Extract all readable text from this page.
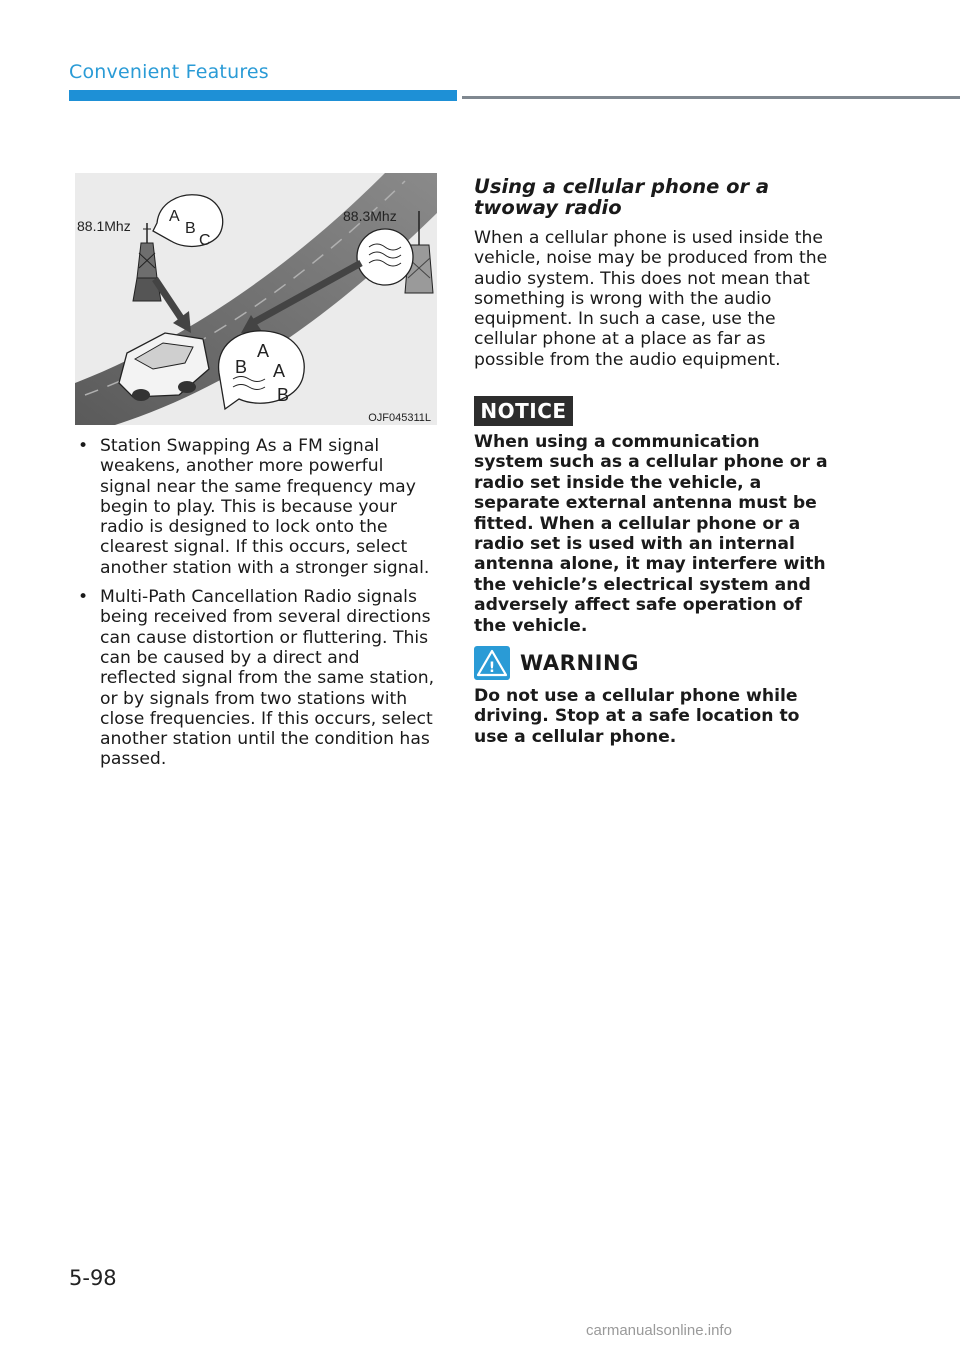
Convenient Features
88.1Mhz
88.3Mhz
A
B
C
A
B A
B
OJF045311L

• Station Swapping As a FM signal weakens, another more powerful signal near the same frequency may begin to play. This is because your radio is designed to lock onto the clearest signal. If this occurs, select another station with a stronger signal.

• Multi-Path Cancellation Radio signals being received from several directions can cause distortion or fluttering. This can be caused by a direct and reflected signal from the same station, or by signals from two stations with close frequencies. If this occurs, select another station until the condition has passed.

Using a cellular phone or a twoway radio

When a cellular phone is used inside the vehicle, noise may be produced from the audio system. This does not mean that something is wrong with the audio equipment. In such a case, use the cellular phone at a place as far as possible from the audio equipment.

NOTICE

When using a communication system such as a cellular phone or a radio set inside the vehicle, a separate external antenna must be fitted. When a cellular phone or a radio set is used with an internal antenna alone, it may interfere with the vehicle’s electrical system and adversely affect safe operation of the vehicle.

! WARNING

Do not use a cellular phone while driving. Stop at a safe location to use a cellular phone.

5-98
carmanualsonline.info
